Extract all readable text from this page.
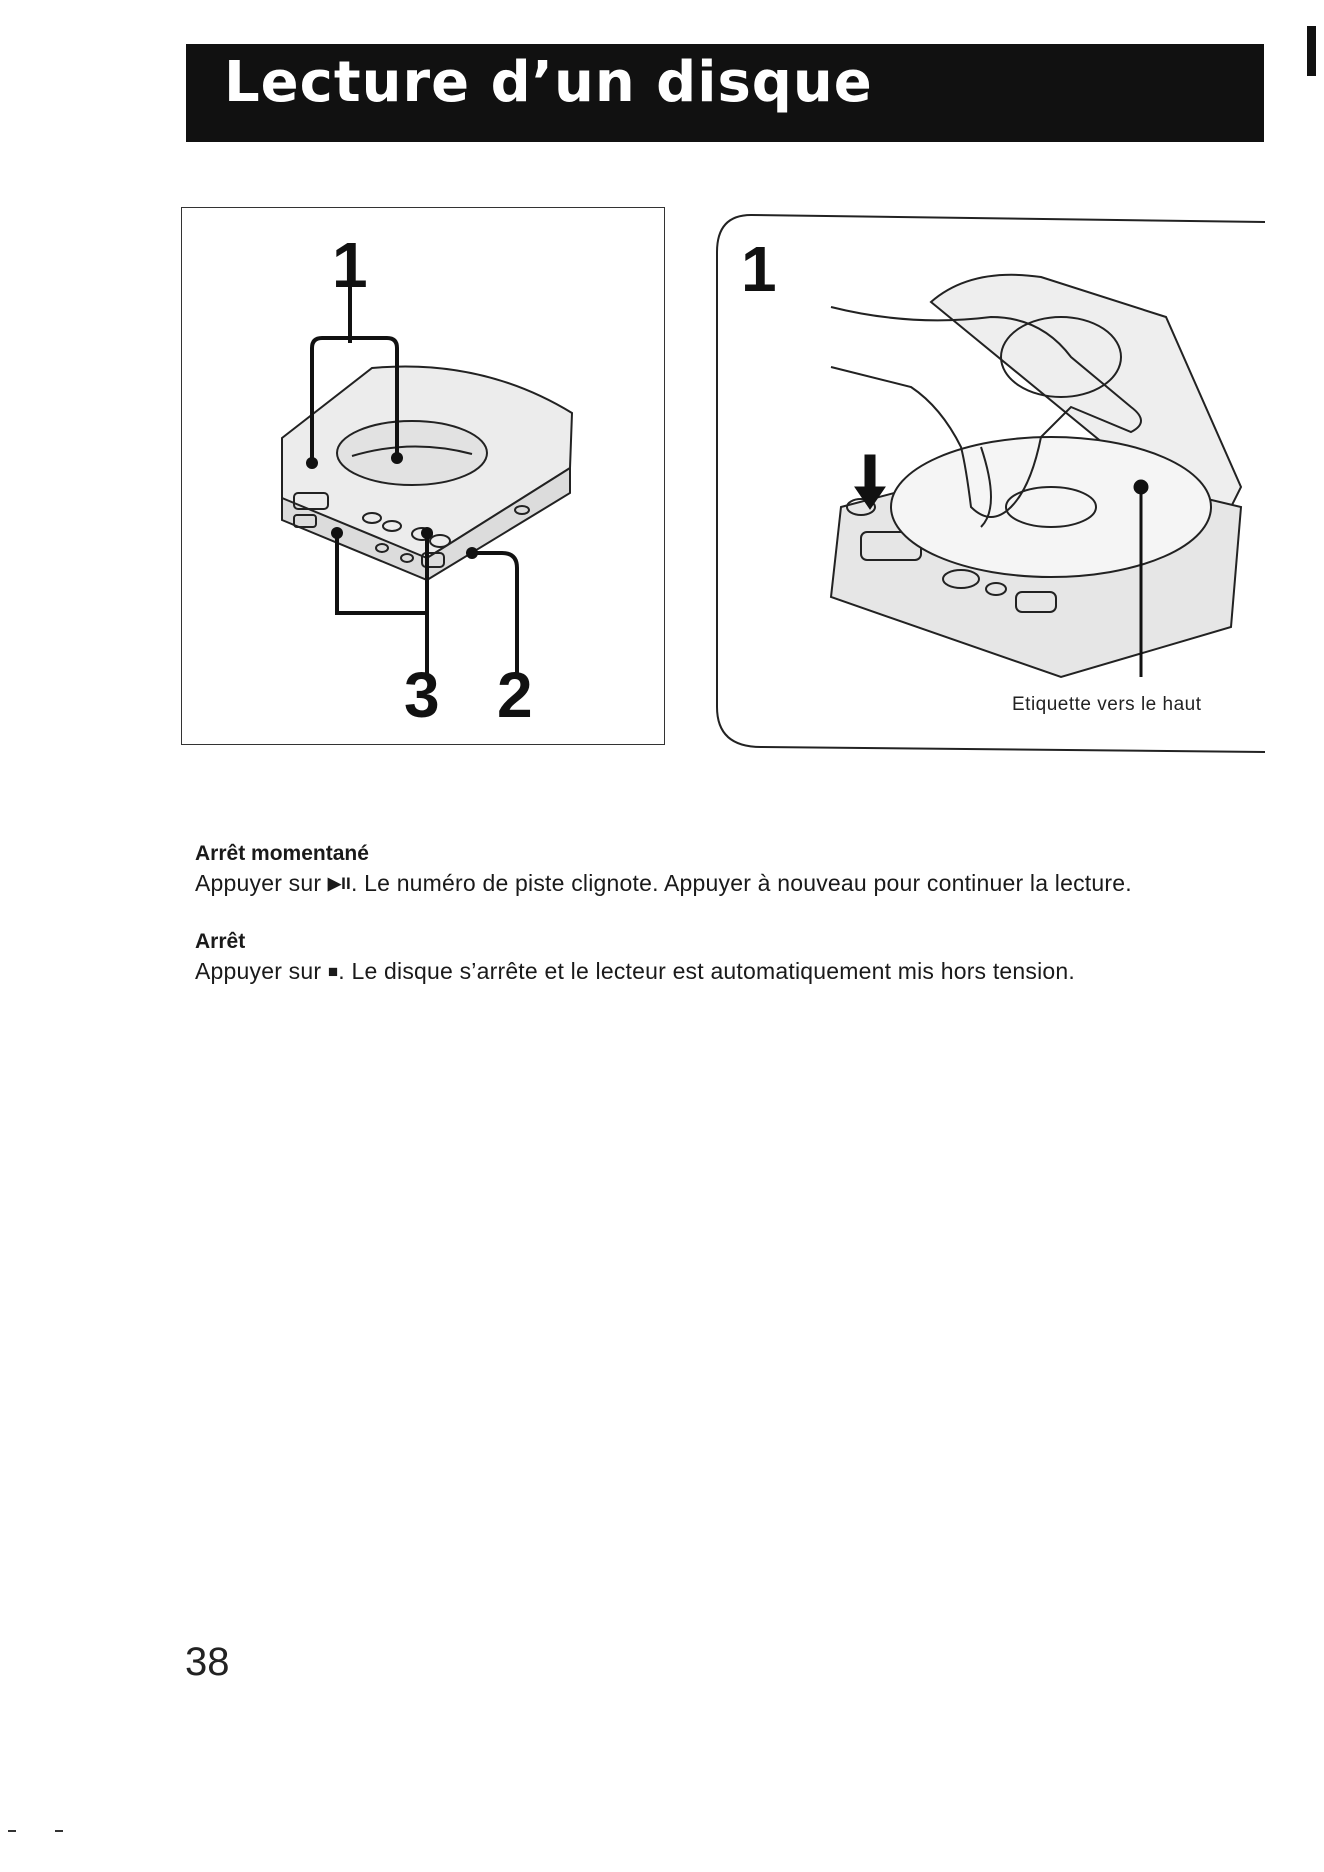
Lecture d’un disque
1
3 2
1
Etiquette vers le haut

Arrêt momentané

Appuyer sur ▶II. Le numéro de piste clignote. Appuyer à nouveau pour continuer la lecture.

Arrêt

Appuyer sur ■. Le disque s’arrête et le lecteur est automatiquement mis hors tension.

38
